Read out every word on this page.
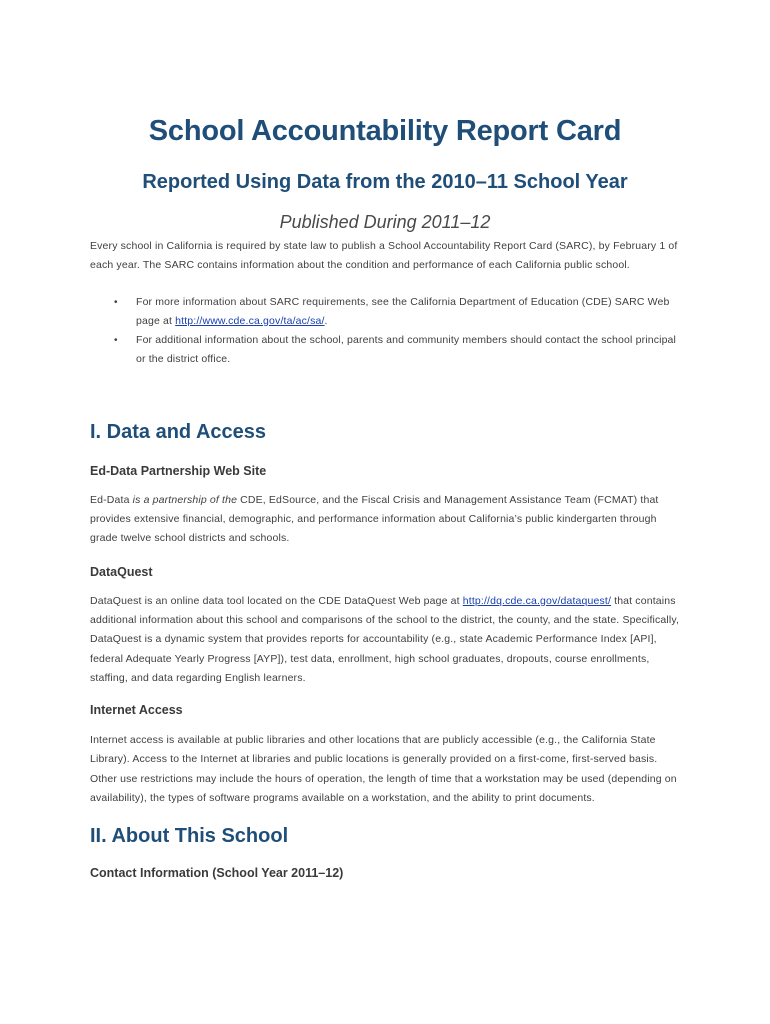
School Accountability Report Card
Reported Using Data from the 2010–11 School Year
Published During 2011–12

Every school in California is required by state law to publish a School Accountability Report Card (SARC), by February 1 of each year. The SARC contains information about the condition and performance of each California public school.

• For more information about SARC requirements, see the California Department of Education (CDE) SARC Web page at http://www.cde.ca.gov/ta/ac/sa/.
• For additional information about the school, parents and community members should contact the school principal or the district office.
I. Data and Access
Ed-Data Partnership Web Site

Ed-Data is a partnership of the CDE, EdSource, and the Fiscal Crisis and Management Assistance Team (FCMAT) that provides extensive financial, demographic, and performance information about California’s public kindergarten through grade twelve school districts and schools.

DataQuest

DataQuest is an online data tool located on the CDE DataQuest Web page at http://dq.cde.ca.gov/dataquest/ that contains additional information about this school and comparisons of the school to the district, the county, and the state. Specifically, DataQuest is a dynamic system that provides reports for accountability (e.g., state Academic Performance Index [API], federal Adequate Yearly Progress [AYP]), test data, enrollment, high school graduates, dropouts, course enrollments, staffing, and data regarding English learners.

Internet Access

Internet access is available at public libraries and other locations that are publicly accessible (e.g., the California State Library). Access to the Internet at libraries and public locations is generally provided on a first-come, first-served basis. Other use restrictions may include the hours of operation, the length of time that a workstation may be used (depending on availability), the types of software programs available on a workstation, and the ability to print documents.

II. About This School
Contact Information (School Year 2011–12)
